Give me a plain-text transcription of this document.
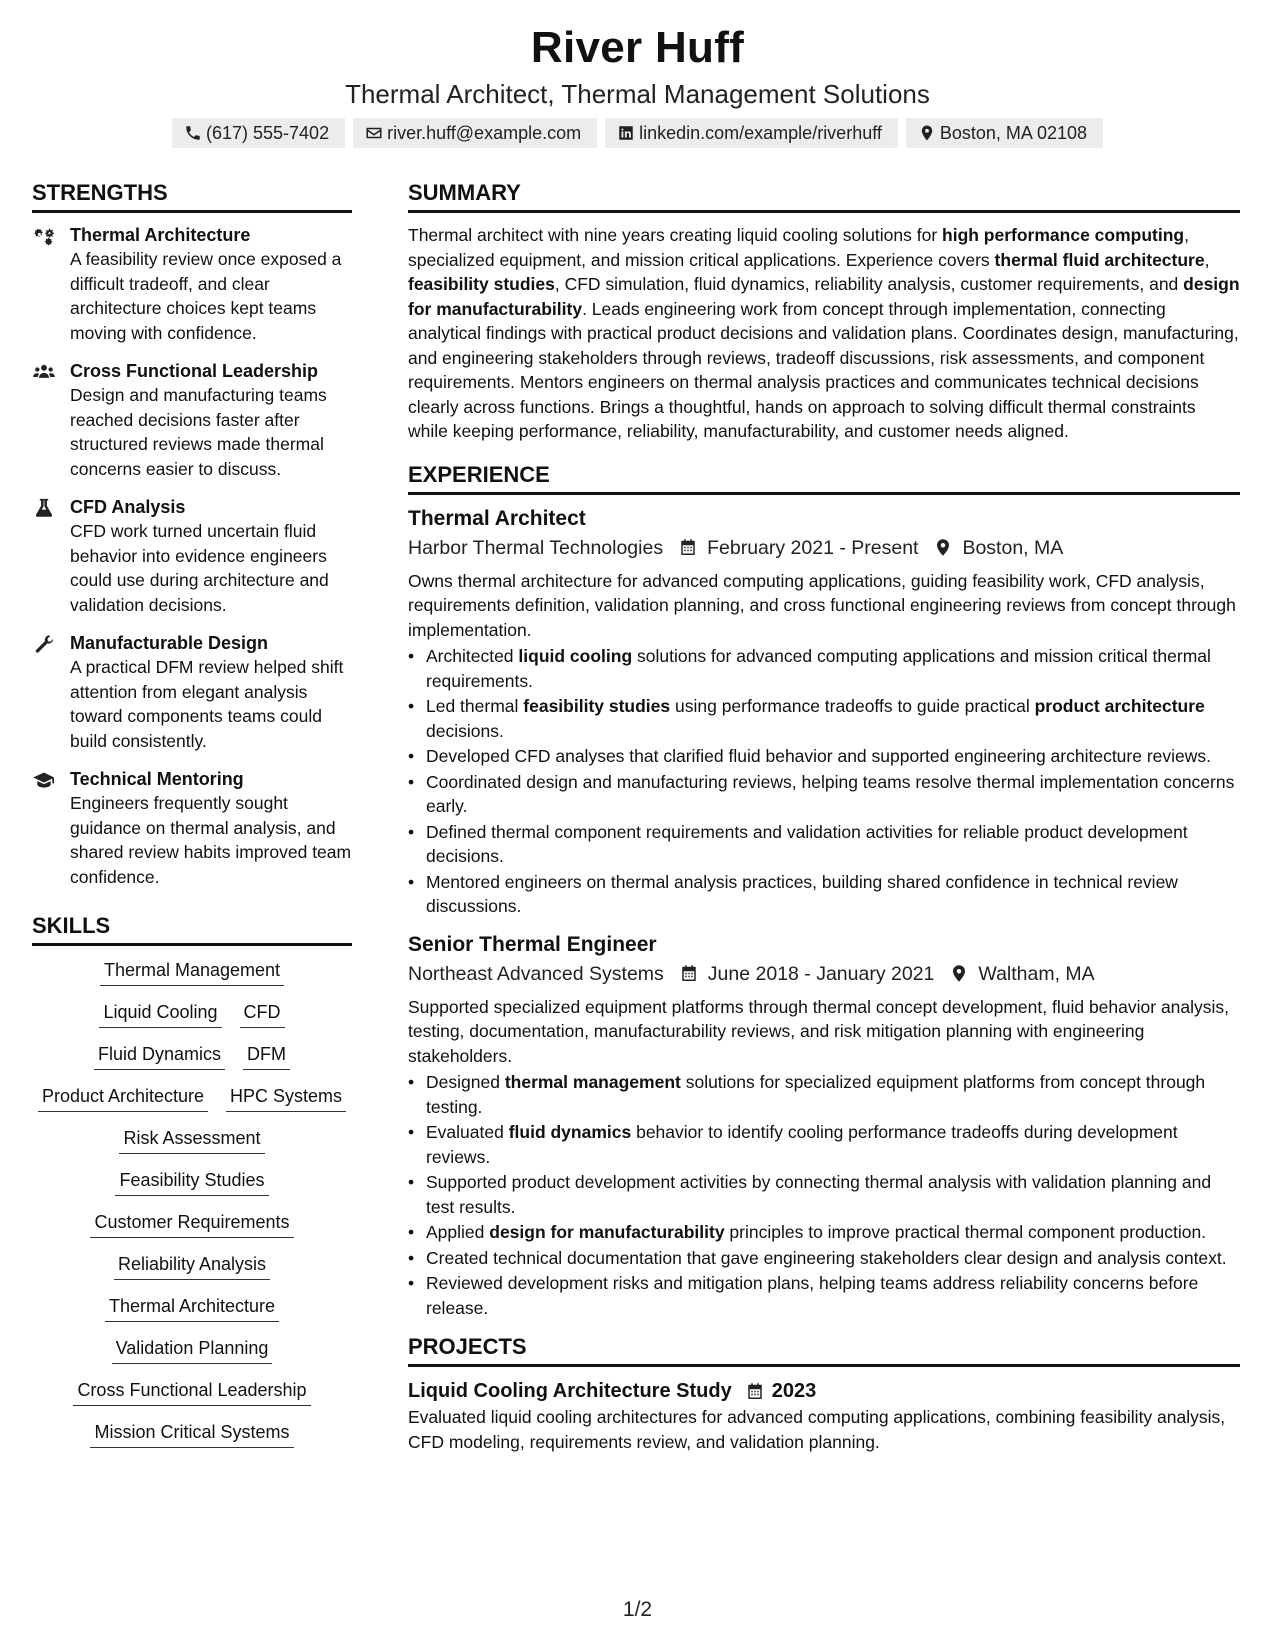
River Huff
Thermal Architect, Thermal Management Solutions
(617) 555-7402	river.huff@example.com	linkedin.com/example/riverhuff	Boston, MA 02108
STRENGTHS
Thermal Architecture
A feasibility review once exposed a difficult tradeoff, and clear architecture choices kept teams moving with confidence.
Cross Functional Leadership
Design and manufacturing teams reached decisions faster after structured reviews made thermal concerns easier to discuss.
CFD Analysis
CFD work turned uncertain fluid behavior into evidence engineers could use during architecture and validation decisions.
Manufacturable Design
A practical DFM review helped shift attention from elegant analysis toward components teams could build consistently.
Technical Mentoring
Engineers frequently sought guidance on thermal analysis, and shared review habits improved team confidence.
SKILLS
Thermal Management
Liquid Cooling CFD
Fluid Dynamics DFM
Product Architecture HPC Systems
Risk Assessment
Feasibility Studies
Customer Requirements
Reliability Analysis
Thermal Architecture
Validation Planning
Cross Functional Leadership
Mission Critical Systems
SUMMARY
Thermal architect with nine years creating liquid cooling solutions for high performance computing, specialized equipment, and mission critical applications. Experience covers thermal fluid architecture, feasibility studies, CFD simulation, fluid dynamics, reliability analysis, customer requirements, and design for manufacturability. Leads engineering work from concept through implementation, connecting analytical findings with practical product decisions and validation plans. Coordinates design, manufacturing, and engineering stakeholders through reviews, tradeoff discussions, risk assessments, and component requirements. Mentors engineers on thermal analysis practices and communicates technical decisions clearly across functions. Brings a thoughtful, hands on approach to solving difficult thermal constraints while keeping performance, reliability, manufacturability, and customer needs aligned.
EXPERIENCE
Thermal Architect
Harbor Thermal Technologies February 2021 - Present Boston, MA
Owns thermal architecture for advanced computing applications, guiding feasibility work, CFD analysis, requirements definition, validation planning, and cross functional engineering reviews from concept through implementation.
• Architected liquid cooling solutions for advanced computing applications and mission critical thermal requirements.
• Led thermal feasibility studies using performance tradeoffs to guide practical product architecture decisions.
• Developed CFD analyses that clarified fluid behavior and supported engineering architecture reviews.
• Coordinated design and manufacturing reviews, helping teams resolve thermal implementation concerns early.
• Defined thermal component requirements and validation activities for reliable product development decisions.
• Mentored engineers on thermal analysis practices, building shared confidence in technical review discussions.
Senior Thermal Engineer
Northeast Advanced Systems June 2018 - January 2021 Waltham, MA
Supported specialized equipment platforms through thermal concept development, fluid behavior analysis, testing, documentation, manufacturability reviews, and risk mitigation planning with engineering stakeholders.
• Designed thermal management solutions for specialized equipment platforms from concept through testing.
• Evaluated fluid dynamics behavior to identify cooling performance tradeoffs during development reviews.
• Supported product development activities by connecting thermal analysis with validation planning and test results.
• Applied design for manufacturability principles to improve practical thermal component production.
• Created technical documentation that gave engineering stakeholders clear design and analysis context.
• Reviewed development risks and mitigation plans, helping teams address reliability concerns before release.
PROJECTS
Liquid Cooling Architecture Study 2023
Evaluated liquid cooling architectures for advanced computing applications, combining feasibility analysis, CFD modeling, requirements review, and validation planning.
1/2
